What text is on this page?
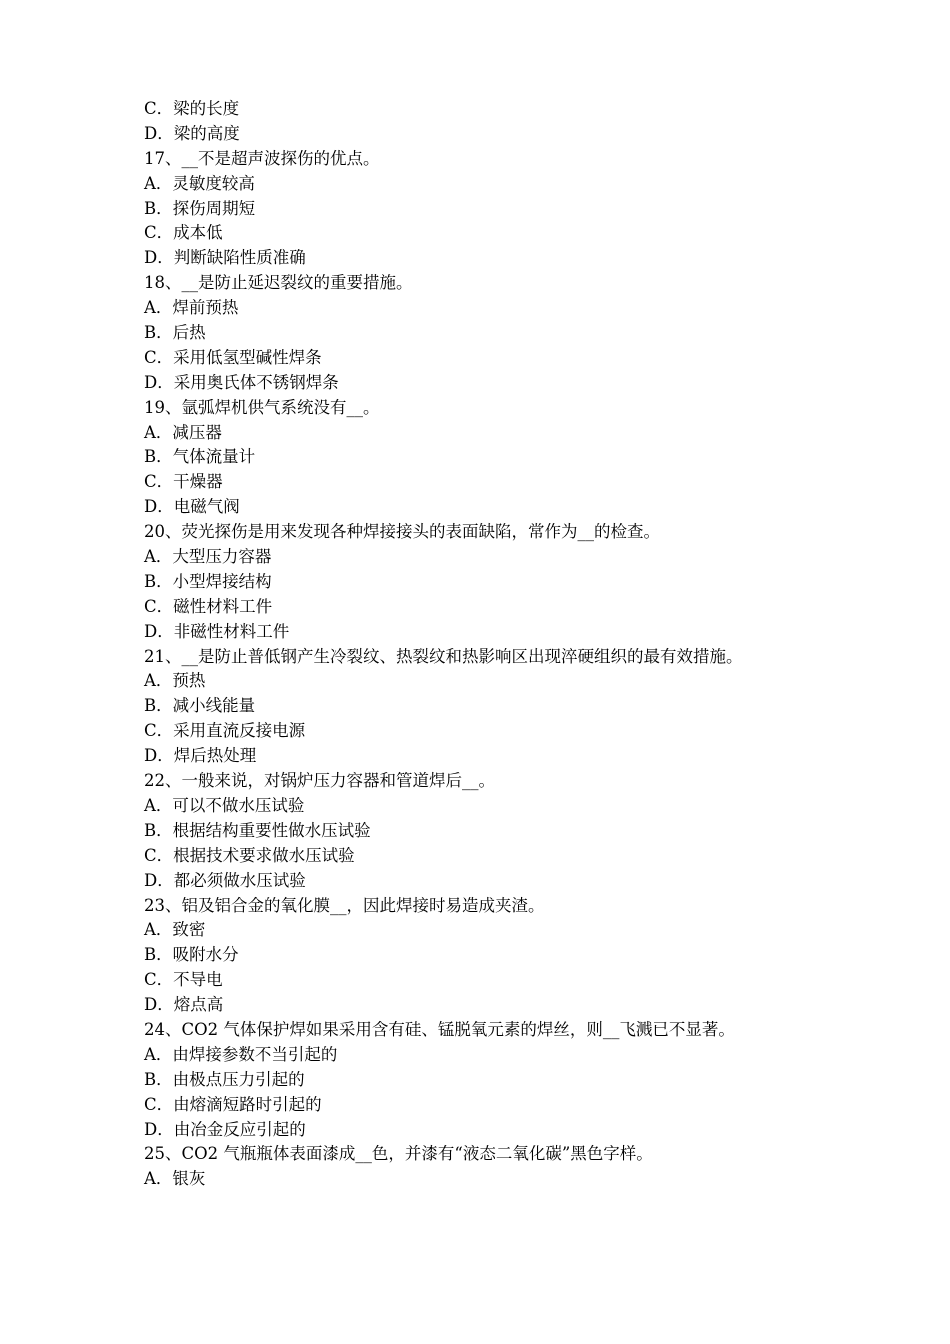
C．梁的长度
D．梁的高度
17、__不是超声波探伤的优点。
A．灵敏度较高
B．探伤周期短
C．成本低
D．判断缺陷性质准确
18、__是防止延迟裂纹的重要措施。
A．焊前预热
B．后热
C．采用低氢型碱性焊条
D．采用奥氏体不锈钢焊条
19、氩弧焊机供气系统没有__。
A．减压器
B．气体流量计
C．干燥器
D．电磁气阀
20、荧光探伤是用来发现各种焊接接头的表面缺陷，常作为__的检查。
A．大型压力容器
B．小型焊接结构
C．磁性材料工件
D．非磁性材料工件
21、__是防止普低钢产生冷裂纹、热裂纹和热影响区出现淬硬组织的最有效措施。
A．预热
B．减小线能量
C．采用直流反接电源
D．焊后热处理
22、一般来说，对锅炉压力容器和管道焊后__。
A．可以不做水压试验
B．根据结构重要性做水压试验
C．根据技术要求做水压试验
D．都必须做水压试验
23、铝及铝合金的氧化膜__，因此焊接时易造成夹渣。
A．致密
B．吸附水分
C．不导电
D．熔点高
24、CO2 气体保护焊如果采用含有硅、锰脱氧元素的焊丝，则__飞溅已不显著。
A．由焊接参数不当引起的
B．由极点压力引起的
C．由熔滴短路时引起的
D．由冶金反应引起的
25、CO2 气瓶瓶体表面漆成__色，并漆有“液态二氧化碳”黑色字样。
A．银灰
